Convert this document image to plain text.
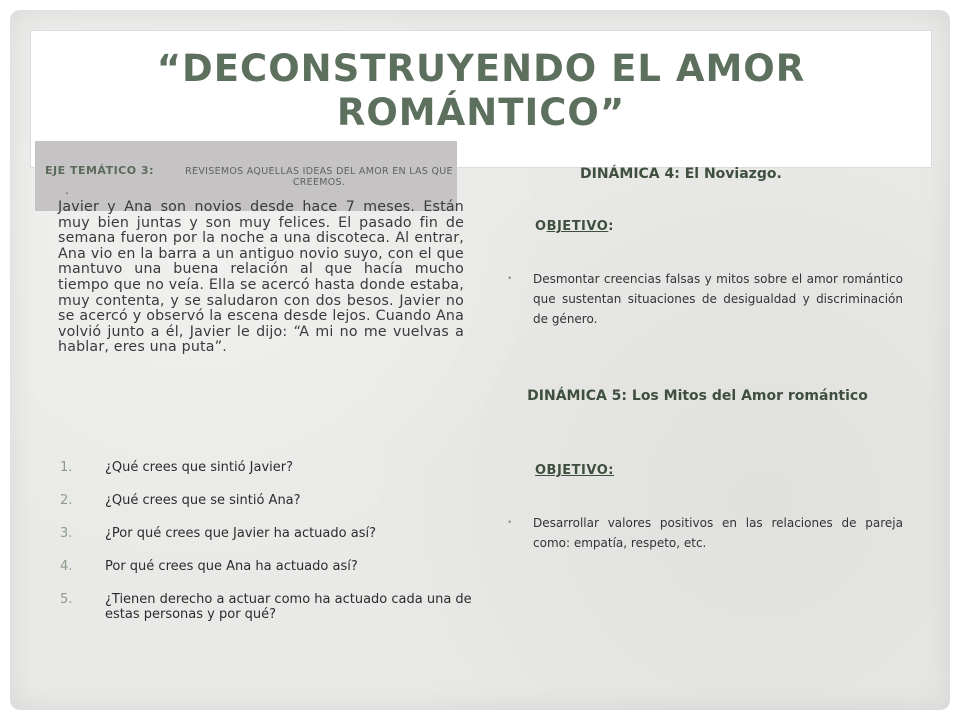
“DECONSTRUYENDO EL AMOR
ROMÁNTICO”
EJE TEMÁTICO 3:	REVISEMOS AQUELLAS IDEAS DEL AMOR EN LAS QUE CREEMOS.
.
Javier y Ana son novios desde hace 7 meses. Están muy bien juntas y son muy felices. El pasado fin de semana fueron por la noche a una discoteca. Al entrar, Ana vio en la barra a un antiguo novio suyo, con el que mantuvo una buena relación al que hacía mucho tiempo que no veía. Ella se acercó hasta donde estaba, muy contenta, y se saludaron con dos besos. Javier no se acercó y observó la escena desde lejos. Cuando Ana volvió junto a él, Javier le dijo: “A mi no me vuelvas a hablar, eres una puta”.
1.	¿Qué crees que sintió Javier?
2.	¿Qué crees que se sintió Ana?
3.	¿Por qué crees que Javier ha actuado así?
4.	Por qué crees que Ana ha actuado así?
5.	¿Tienen derecho a actuar como ha actuado cada una de estas personas y por qué?
DINÁMICA 4: El Noviazgo.
OBJETIVO:
• Desmontar creencias falsas y mitos sobre el amor romántico que sustentan situaciones de desigualdad y discriminación de género.
DINÁMICA 5: Los Mitos del Amor romántico
OBJETIVO:
• Desarrollar valores positivos en las relaciones de pareja como: empatía, respeto, etc.
